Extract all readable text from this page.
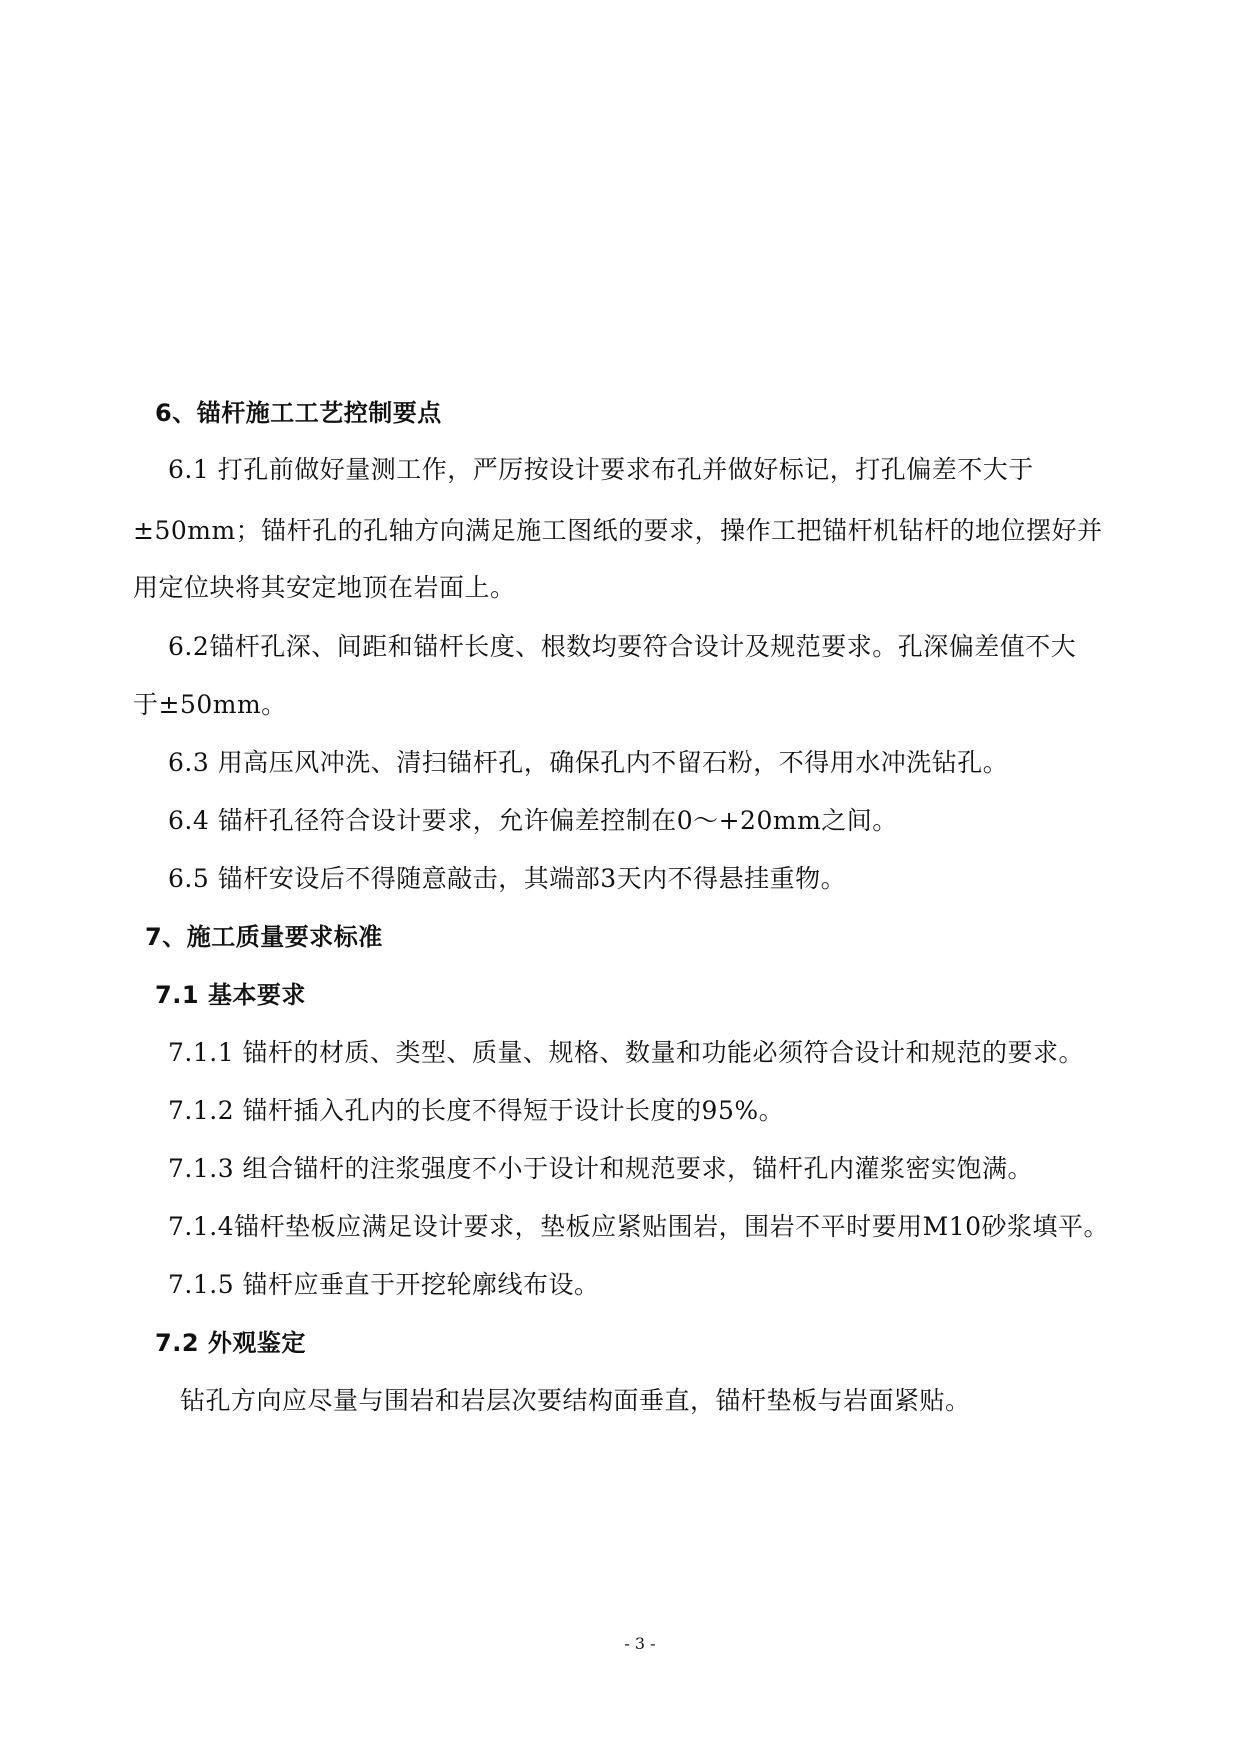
6、锚杆施工工艺控制要点
6.1 打孔前做好量测工作，严厉按设计要求布孔并做好标记，打孔偏差不大于
±50mm；锚杆孔的孔轴方向满足施工图纸的要求，操作工把锚杆机钻杆的地位摆好并
用定位块将其安定地顶在岩面上。
6.2锚杆孔深、间距和锚杆长度、根数均要符合设计及规范要求。孔深偏差值不大
于±50mm。
6.3 用高压风冲洗、清扫锚杆孔，确保孔内不留石粉，不得用水冲洗钻孔。
6.4 锚杆孔径符合设计要求，允许偏差控制在0～+20mm之间。
6.5 锚杆安设后不得随意敲击，其端部3天内不得悬挂重物。
7、施工质量要求标准
7.1 基本要求
7.1.1 锚杆的材质、类型、质量、规格、数量和功能必须符合设计和规范的要求。
7.1.2 锚杆插入孔内的长度不得短于设计长度的95%。
7.1.3 组合锚杆的注浆强度不小于设计和规范要求，锚杆孔内灌浆密实饱满。
7.1.4锚杆垫板应满足设计要求，垫板应紧贴围岩，围岩不平时要用M10砂浆填平。
7.1.5 锚杆应垂直于开挖轮廓线布设。
7.2 外观鉴定
钻孔方向应尽量与围岩和岩层次要结构面垂直，锚杆垫板与岩面紧贴。
- 3 -
